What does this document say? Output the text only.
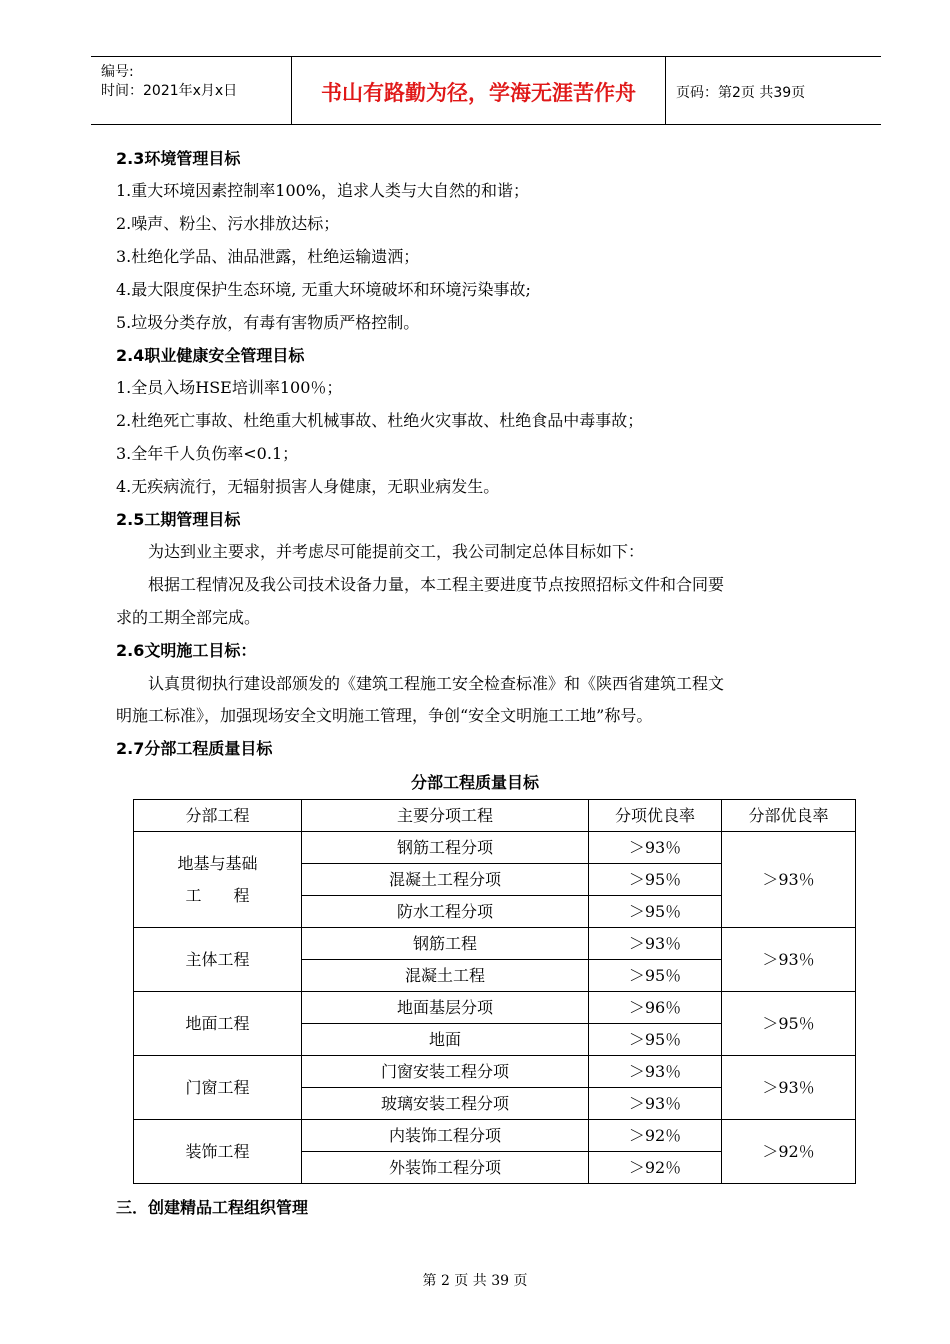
编号:
时间：2021年x月x日	书山有路勤为径，学海无涯苦作舟	页码：第2页 共39页
2.3环境管理目标
1.重大环境因素控制率100%，追求人类与大自然的和谐；
2.噪声、粉尘、污水排放达标；
3.杜绝化学品、油品泄露，杜绝运输遗洒；
4.最大限度保护生态环境, 无重大环境破坏和环境污染事故;
5.垃圾分类存放，有毒有害物质严格控制。
2.4职业健康安全管理目标
1.全员入场HSE培训率100％；
2.杜绝死亡事故、杜绝重大机械事故、杜绝火灾事故、杜绝食品中毒事故；
3.全年千人负伤率<0.1；
4.无疾病流行，无辐射损害人身健康，无职业病发生。
2.5工期管理目标
为达到业主要求，并考虑尽可能提前交工，我公司制定总体目标如下：
根据工程情况及我公司技术设备力量，本工程主要进度节点按照招标文件和合同要
求的工期全部完成。
2.6文明施工目标：
认真贯彻执行建设部颁发的《建筑工程施工安全检查标准》和《陕西省建筑工程文
明施工标准》，加强现场安全文明施工管理，争创“安全文明施工工地”称号。
2.7分部工程质量目标
分部工程质量目标
分部工程	主要分项工程	分项优良率	分部优良率
地基与基础工　　程	钢筋工程分项	＞93％	＞93％
	混凝土工程分项	＞95％	
	防水工程分项	＞95％	
主体工程	钢筋工程	＞93％	＞93％
	混凝土工程	＞95％	
地面工程	地面基层分项	＞96％	＞95％
	地面	＞95％	
门窗工程	门窗安装工程分项	＞93％	＞93％
	玻璃安装工程分项	＞93％	
装饰工程	内装饰工程分项	＞92％	＞92％
	外装饰工程分项	＞92％	
三．创建精品工程组织管理
第 2 页 共 39 页
